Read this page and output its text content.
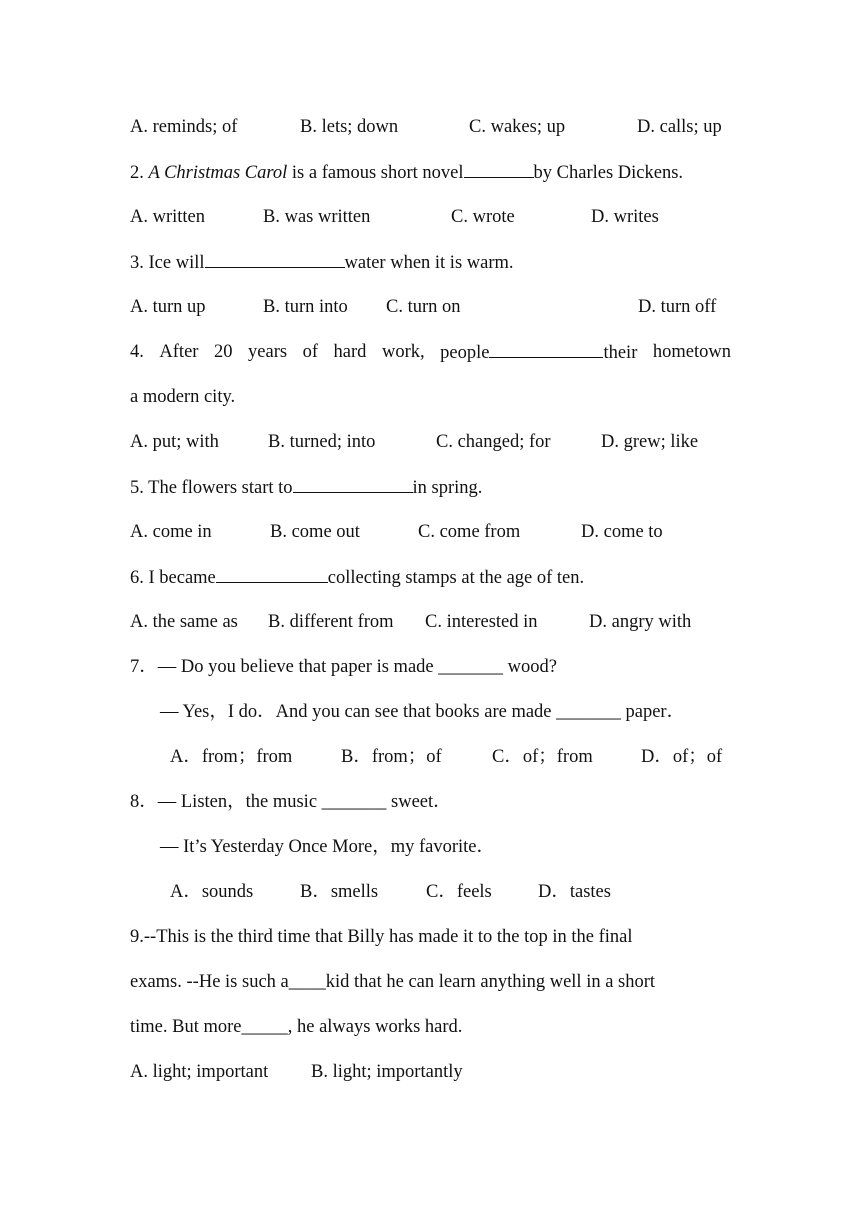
A. reminds; of	B. lets; down	C. wakes; up	D. calls; up
2. A Christmas Carol is a famous short novel	by Charles Dickens.
A. written	B. was written	C. wrote	D. writes
3. Ice will	water when it is warm.
A. turn up	B. turn into C. turn on	D. turn off
4. After 20 years of hard work, people	their hometown
a modern city.
A. put; with	B. turned; into	C. changed; for	D. grew; like
5. The flowers start to	in spring.
A. come in	B. come out	C. come from	D. come to
6. I became	collecting stamps at the age of ten.
A. the same as B. different from C. interested in	D. angry with
7．— Do you believe that paper is made _______ wood?
— Yes，I do．And you can see that books are made _______ paper．
A．from；from	B．from；of	C．of；from	D．of；of
8．— Listen，the music _______ sweet．
— It’s Yesterday Once More，my favorite．
A．sounds	B．smells	C．feels D．tastes
9.--This is the third time that Billy has made it to the top in the final
exams. --He is such a____kid that he can learn anything well in a short
time. But more_____, he always works hard.
A. light; important B. light; importantly
